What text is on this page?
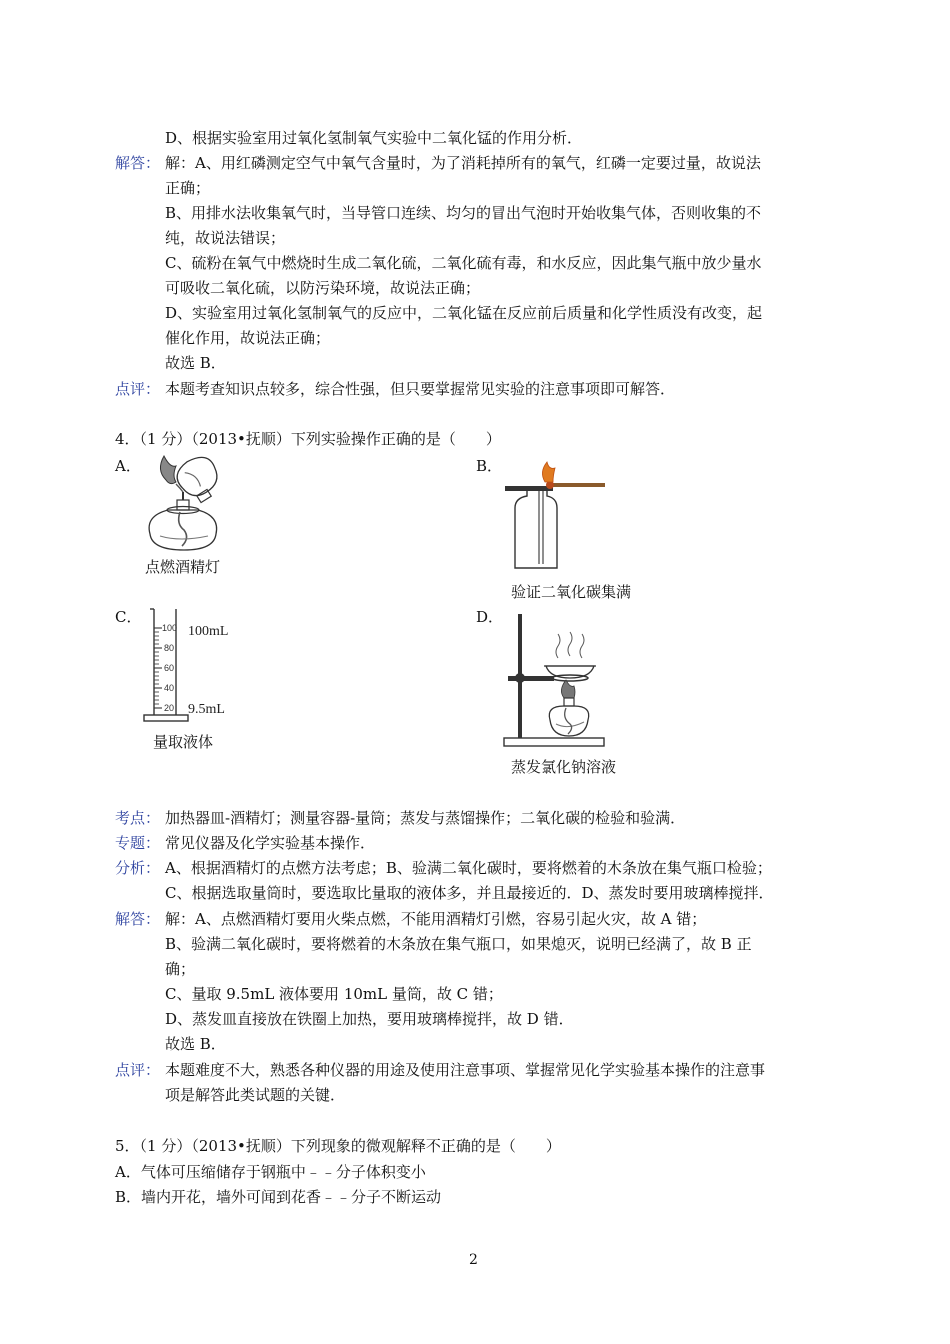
D、根据实验室用过氧化氢制氧气实验中二氧化锰的作用分析．
解答： 解：A、用红磷测定空气中氧气含量时，为了消耗掉所有的氧气，红磷一定要过量，故说法
正确；
B、用排水法收集氧气时，当导管口连续、均匀的冒出气泡时开始收集气体，否则收集的不
纯，故说法错误；
C、硫粉在氧气中燃烧时生成二氧化硫，二氧化硫有毒，和水反应，因此集气瓶中放少量水
可吸收二氧化硫，以防污染环境，故说法正确；
D、实验室用过氧化氢制氧气的反应中，二氧化锰在反应前后质量和化学性质没有改变，起
催化作用，故说法正确；
故选 B．
点评： 本题考查知识点较多，综合性强，但只要掌握常见实验的注意事项即可解答．
4．（1 分）（2013•抚顺）下列实验操作正确的是（　　）
A．
点燃酒精灯
B．
验证二氧化碳集满
C．
100
80
60
40
20
100mL
9.5mL
量取液体
D．
蒸发氯化钠溶液
考点： 加热器皿-酒精灯；测量容器-量筒；蒸发与蒸馏操作；二氧化碳的检验和验满．
专题： 常见仪器及化学实验基本操作．
分析： A、根据酒精灯的点燃方法考虑；B、验满二氧化碳时，要将燃着的木条放在集气瓶口检验；
C、根据选取量筒时，要选取比量取的液体多，并且最接近的．D、蒸发时要用玻璃棒搅拌．
解答： 解：A、点燃酒精灯要用火柴点燃，不能用酒精灯引燃，容易引起火灾，故 A 错；
B、验满二氧化碳时，要将燃着的木条放在集气瓶口，如果熄灭，说明已经满了，故 B 正
确；
C、量取 9.5mL 液体要用 10mL 量筒，故 C 错；
D、蒸发皿直接放在铁圈上加热，要用玻璃棒搅拌，故 D 错．
故选 B．
点评： 本题难度不大，熟悉各种仪器的用途及使用注意事项、掌握常见化学实验基本操作的注意事
项是解答此类试题的关键．
5．（1 分）（2013•抚顺）下列现象的微观解释不正确的是（　　）
A．气体可压缩储存于钢瓶中﹣﹣分子体积变小
B．墙内开花，墙外可闻到花香﹣﹣分子不断运动
2
